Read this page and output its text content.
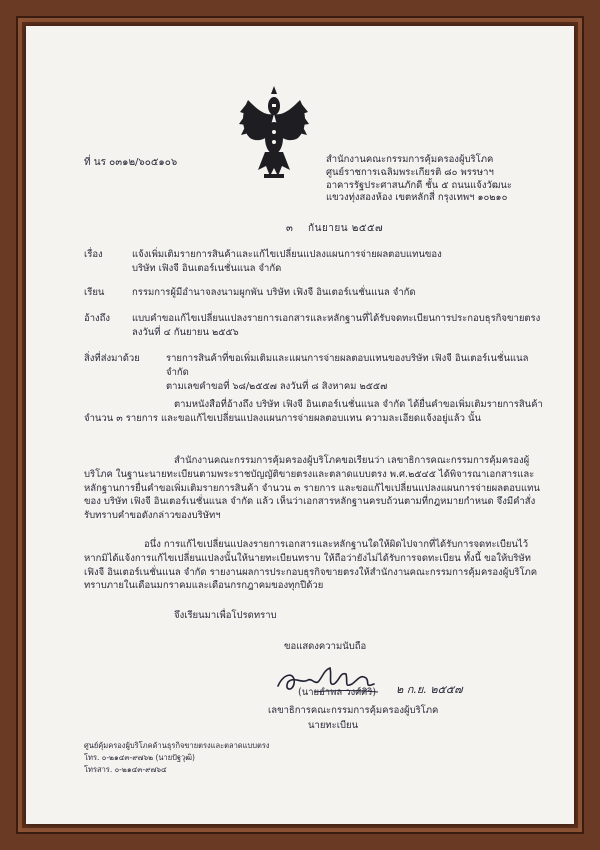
ที่ นร ๐๓๑๒/๖๐๕๑๐๖	สำนักงานคณะกรรมการคุ้มครองผู้บริโภค
ศูนย์ราชการเฉลิมพระเกียรติ ๘๐ พรรษาฯ
อาคารรัฐประศาสนภักดี ชั้น ๕ ถนนแจ้งวัฒนะ
แขวงทุ่งสองห้อง เขตหลักสี่ กรุงเทพฯ ๑๐๒๑๐
๓    กันยายน ๒๕๕๗
เรื่อง	แจ้งเพิ่มเติมรายการสินค้าและแก้ไขเปลี่ยนแปลงแผนการจ่ายผลตอบแทนของ
บริษัท เฟิงจี อินเตอร์เนชั่นแนล จำกัด
เรียน	กรรมการผู้มีอำนาจลงนามผูกพัน บริษัท เฟิงจี อินเตอร์เนชั่นแนล จำกัด
อ้างถึง	แบบคำขอแก้ไขเปลี่ยนแปลงรายการเอกสารและหลักฐานที่ได้รับจดทะเบียนการประกอบธุรกิจขายตรง
ลงวันที่ ๔ กันยายน ๒๕๕๖
สิ่งที่ส่งมาด้วย	รายการสินค้าที่ขอเพิ่มเติมและแผนการจ่ายผลตอบแทนของบริษัท เฟิงจี อินเตอร์เนชั่นแนล จำกัด
ตามเลขคำขอที่ ๖๘/๒๕๕๗ ลงวันที่ ๘ สิงหาคม ๒๕๕๗
ตามหนังสือที่อ้างถึง บริษัท เฟิงจี อินเตอร์เนชั่นแนล จำกัด ได้ยื่นคำขอเพิ่มเติมรายการสินค้าจำนวน ๓ รายการ และขอแก้ไขเปลี่ยนแปลงแผนการจ่ายผลตอบแทน ความละเอียดแจ้งอยู่แล้ว นั้น
สำนักงานคณะกรรมการคุ้มครองผู้บริโภคขอเรียนว่า เลขาธิการคณะกรรมการคุ้มครองผู้บริโภค ในฐานะนายทะเบียนตามพระราชบัญญัติขายตรงและตลาดแบบตรง พ.ศ.๒๕๔๕ ได้พิจารณาเอกสารและหลักฐานการยื่นคำขอเพิ่มเติมรายการสินค้า จำนวน ๓ รายการ และขอแก้ไขเปลี่ยนแปลงแผนการจ่ายผลตอบแทนของ บริษัท เฟิงจี อินเตอร์เนชั่นแนล จำกัด แล้ว เห็นว่าเอกสารหลักฐานครบถ้วนตามที่กฎหมายกำหนด จึงมีคำสั่งรับทราบคำขอดังกล่าวของบริษัทฯ
อนึ่ง การแก้ไขเปลี่ยนแปลงรายการเอกสารและหลักฐานใดให้ผิดไปจากที่ได้รับการจดทะเบียนไว้ หากมิได้แจ้งการแก้ไขเปลี่ยนแปลงนั้นให้นายทะเบียนทราบ ให้ถือว่ายังไม่ได้รับการจดทะเบียน ทั้งนี้ ขอให้บริษัท เฟิงจี อินเตอร์เนชั่นแนล จำกัด รายงานผลการประกอบธุรกิจขายตรงให้สำนักงานคณะกรรมการคุ้มครองผู้บริโภคทราบภายในเดือนมกราคมและเดือนกรกฎาคมของทุกปีด้วย
จึงเรียนมาเพื่อโปรดทราบ
ขอแสดงความนับถือ
(นายอำพล วงศ์ศิริ) ๒ ก.ย. ๒๕๕๗
เลขาธิการคณะกรรมการคุ้มครองผู้บริโภค
นายทะเบียน
ศูนย์คุ้มครองผู้บริโภคด้านธุรกิจขายตรงและตลาดแบบตรง
โทร. ๐-๒๑๔๓-๙๗๖๒ (นายปัฐวุฒิ)
โทรสาร. ๐-๒๑๔๓-๙๗๖๔
